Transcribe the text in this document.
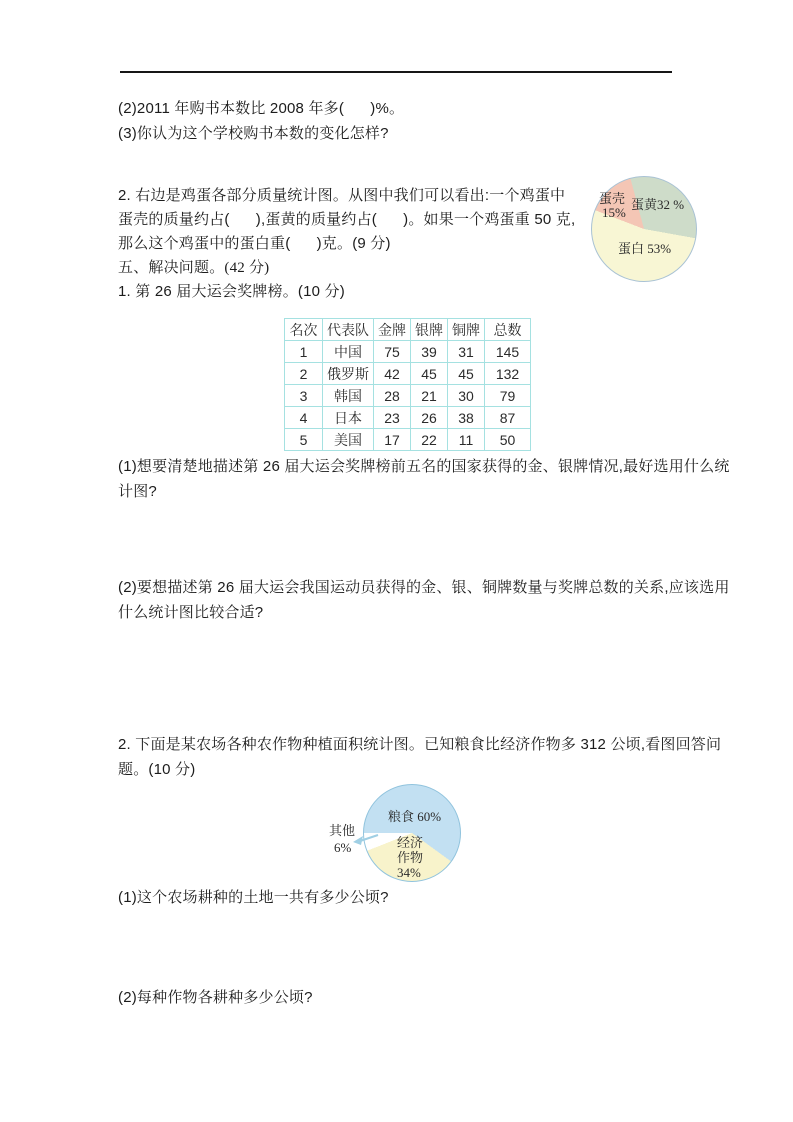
(2)2011 年购书本数比 2008 年多(      )%。
(3)你认为这个学校购书本数的变化怎样?
2. 右边是鸡蛋各部分质量统计图。从图中我们可以看出:一个鸡蛋中
蛋壳的质量约占(      ),蛋黄的质量约占(      )。如果一个鸡蛋重 50 克,
那么这个鸡蛋中的蛋白重(      )克。(9 分)
蛋壳
15%
蛋黄32 %
蛋白 53%
五、解决问题。(42 分)
1. 第 26 届大运会奖牌榜。(10 分)
名次	代表队	金牌	银牌	铜牌	总数
1	中国	75	39	31	145
2	俄罗斯	42	45	45	132
3	韩国	28	21	30	79
4	日本	23	26	38	87
5	美国	17	22	11	50
(1)想要清楚地描述第 26 届大运会奖牌榜前五名的国家获得的金、银牌情况,最好选用什么统
计图?
(2)要想描述第 26 届大运会我国运动员获得的金、银、铜牌数量与奖牌总数的关系,应该选用
什么统计图比较合适?
2. 下面是某农场各种农作物种植面积统计图。已知粮食比经济作物多 312 公顷,看图回答问
题。(10 分)
粮食 60%
经济
作物
34%
其他
6%
(1)这个农场耕种的土地一共有多少公顷?
(2)每种作物各耕种多少公顷?
